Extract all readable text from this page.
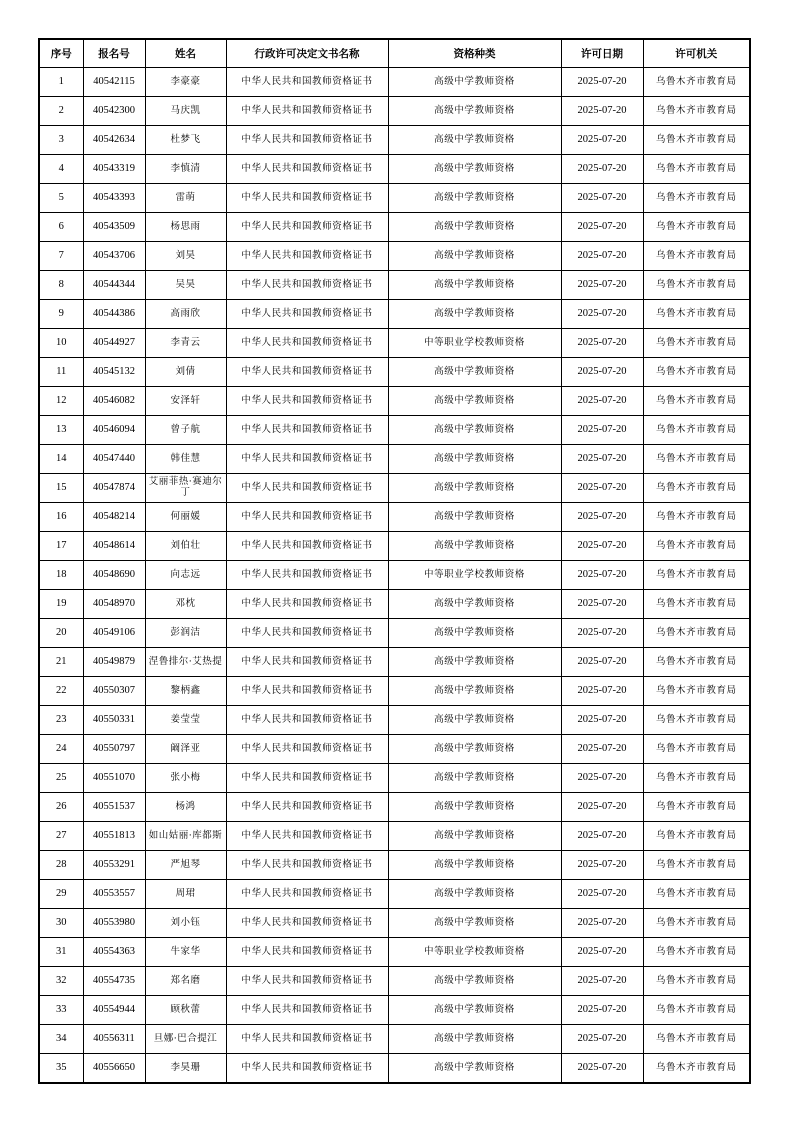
序号	报名号	姓名	行政许可决定文书名称	资格种类	许可日期	许可机关
1	40542115	李豪豪	中华人民共和国教师资格证书	高级中学教师资格	2025-07-20	乌鲁木齐市教育局
2	40542300	马庆凯	中华人民共和国教师资格证书	高级中学教师资格	2025-07-20	乌鲁木齐市教育局
3	40542634	杜梦飞	中华人民共和国教师资格证书	高级中学教师资格	2025-07-20	乌鲁木齐市教育局
4	40543319	李慎清	中华人民共和国教师资格证书	高级中学教师资格	2025-07-20	乌鲁木齐市教育局
5	40543393	雷萌	中华人民共和国教师资格证书	高级中学教师资格	2025-07-20	乌鲁木齐市教育局
6	40543509	杨思雨	中华人民共和国教师资格证书	高级中学教师资格	2025-07-20	乌鲁木齐市教育局
7	40543706	刘昊	中华人民共和国教师资格证书	高级中学教师资格	2025-07-20	乌鲁木齐市教育局
8	40544344	吴昊	中华人民共和国教师资格证书	高级中学教师资格	2025-07-20	乌鲁木齐市教育局
9	40544386	高雨欣	中华人民共和国教师资格证书	高级中学教师资格	2025-07-20	乌鲁木齐市教育局
10	40544927	李青云	中华人民共和国教师资格证书	中等职业学校教师资格	2025-07-20	乌鲁木齐市教育局
11	40545132	刘倩	中华人民共和国教师资格证书	高级中学教师资格	2025-07-20	乌鲁木齐市教育局
12	40546082	安泽轩	中华人民共和国教师资格证书	高级中学教师资格	2025-07-20	乌鲁木齐市教育局
13	40546094	曾子航	中华人民共和国教师资格证书	高级中学教师资格	2025-07-20	乌鲁木齐市教育局
14	40547440	韩佳慧	中华人民共和国教师资格证书	高级中学教师资格	2025-07-20	乌鲁木齐市教育局
15	40547874	艾丽菲热·赛迪尔丁	中华人民共和国教师资格证书	高级中学教师资格	2025-07-20	乌鲁木齐市教育局
16	40548214	何丽媛	中华人民共和国教师资格证书	高级中学教师资格	2025-07-20	乌鲁木齐市教育局
17	40548614	刘伯壮	中华人民共和国教师资格证书	高级中学教师资格	2025-07-20	乌鲁木齐市教育局
18	40548690	向志远	中华人民共和国教师资格证书	中等职业学校教师资格	2025-07-20	乌鲁木齐市教育局
19	40548970	邓枕	中华人民共和国教师资格证书	高级中学教师资格	2025-07-20	乌鲁木齐市教育局
20	40549106	彭润洁	中华人民共和国教师资格证书	高级中学教师资格	2025-07-20	乌鲁木齐市教育局
21	40549879	涅鲁排尔·艾热提	中华人民共和国教师资格证书	高级中学教师资格	2025-07-20	乌鲁木齐市教育局
22	40550307	黎柄鑫	中华人民共和国教师资格证书	高级中学教师资格	2025-07-20	乌鲁木齐市教育局
23	40550331	姜莹莹	中华人民共和国教师资格证书	高级中学教师资格	2025-07-20	乌鲁木齐市教育局
24	40550797	阚泽亚	中华人民共和国教师资格证书	高级中学教师资格	2025-07-20	乌鲁木齐市教育局
25	40551070	张小梅	中华人民共和国教师资格证书	高级中学教师资格	2025-07-20	乌鲁木齐市教育局
26	40551537	杨鸿	中华人民共和国教师资格证书	高级中学教师资格	2025-07-20	乌鲁木齐市教育局
27	40551813	如山姑丽·库都斯	中华人民共和国教师资格证书	高级中学教师资格	2025-07-20	乌鲁木齐市教育局
28	40553291	严旭琴	中华人民共和国教师资格证书	高级中学教师资格	2025-07-20	乌鲁木齐市教育局
29	40553557	周珺	中华人民共和国教师资格证书	高级中学教师资格	2025-07-20	乌鲁木齐市教育局
30	40553980	刘小钰	中华人民共和国教师资格证书	高级中学教师资格	2025-07-20	乌鲁木齐市教育局
31	40554363	牛家华	中华人民共和国教师资格证书	中等职业学校教师资格	2025-07-20	乌鲁木齐市教育局
32	40554735	郑名磨	中华人民共和国教师资格证书	高级中学教师资格	2025-07-20	乌鲁木齐市教育局
33	40554944	顾秋蕾	中华人民共和国教师资格证书	高级中学教师资格	2025-07-20	乌鲁木齐市教育局
34	40556311	旦娜·巴合提江	中华人民共和国教师资格证书	高级中学教师资格	2025-07-20	乌鲁木齐市教育局
35	40556650	李昊珊	中华人民共和国教师资格证书	高级中学教师资格	2025-07-20	乌鲁木齐市教育局
